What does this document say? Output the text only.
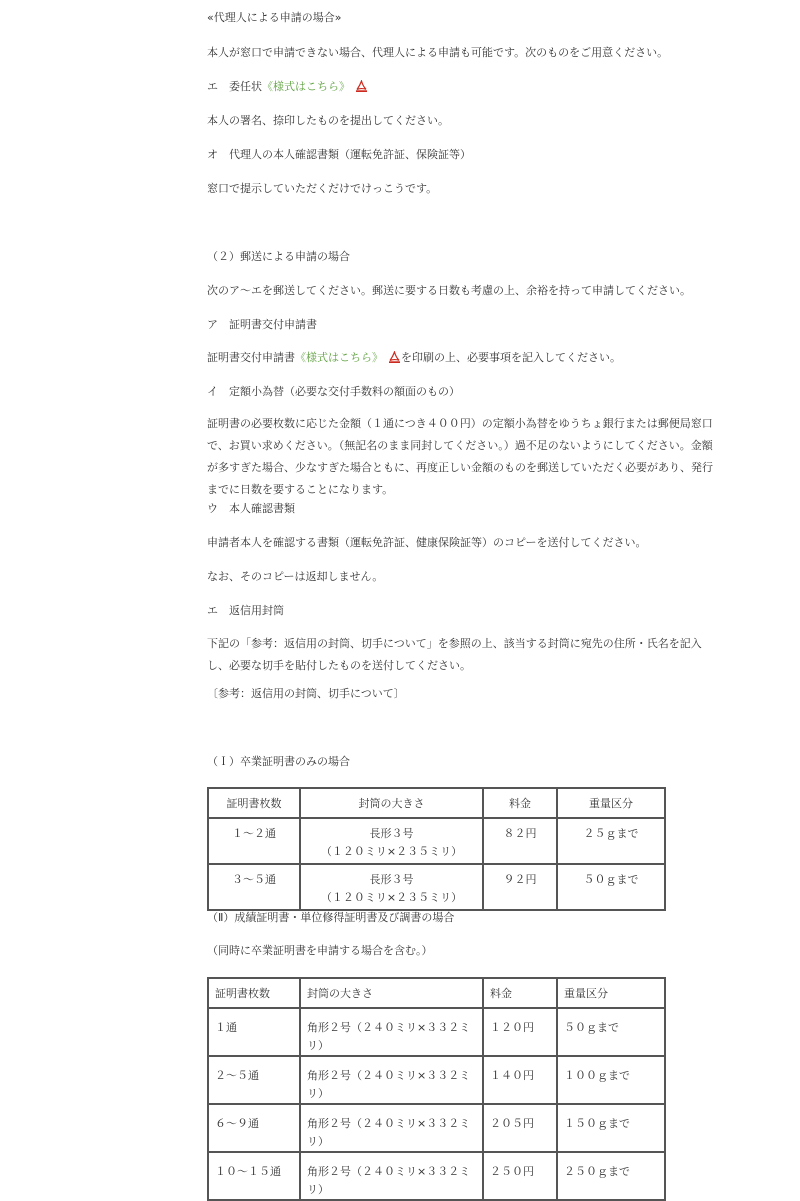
«代理人による申請の場合»
本人が窓口で申請できない場合、代理人による申請も可能です。次のものをご用意ください。
エ　委任状《様式はこちら》
本人の署名、捺印したものを提出してください。
オ　代理人の本人確認書類（運転免許証、保険証等）
窓口で提示していただくだけでけっこうです。
（２）郵送による申請の場合
次のア～エを郵送してください。郵送に要する日数も考慮の上、余裕を持って申請してください。
ア　証明書交付申請書
証明書交付申請書《様式はこちら》 を印刷の上、必要事項を記入してください。
イ　定額小為替（必要な交付手数料の額面のもの）
証明書の必要枚数に応じた金額（１通につき４００円）の定額小為替をゆうちょ銀行または郵便局窓口で、お買い求めください。（無記名のまま同封してください。）過不足のないようにしてください。金額が多すぎた場合、少なすぎた場合ともに、再度正しい金額のものを郵送していただく必要があり、発行までに日数を要することになります。
ウ　本人確認書類
申請者本人を確認する書類（運転免許証、健康保険証等）のコピーを送付してください。
なお、そのコピーは返却しません。
エ　返信用封筒
下記の「参考：返信用の封筒、切手について」を参照の上、該当する封筒に宛先の住所・氏名を記入し、必要な切手を貼付したものを送付してください。
〔参考：返信用の封筒、切手について〕
（Ｉ）卒業証明書のみの場合
証明書枚数	封筒の大きさ	料金	重量区分
１～２通	長形３号
（１２０ミリ×２３５ミリ）	８２円	２５ｇまで
３～５通	長形３号
（１２０ミリ×２３５ミリ）	９２円	５０ｇまで
（Ⅱ）成績証明書・単位修得証明書及び調書の場合
（同時に卒業証明書を申請する場合を含む。）
証明書枚数	封筒の大きさ	料金	重量区分
１通	角形２号（２４０ミリ×３３２ミ
リ）	１２０円	５０ｇまで
２～５通	角形２号（２４０ミリ×３３２ミ
リ）	１４０円	１００ｇまで
６～９通	角形２号（２４０ミリ×３３２ミ
リ）	２０５円	１５０ｇまで
１０～１５通	角形２号（２４０ミリ×３３２ミ
リ）	２５０円	２５０ｇまで
